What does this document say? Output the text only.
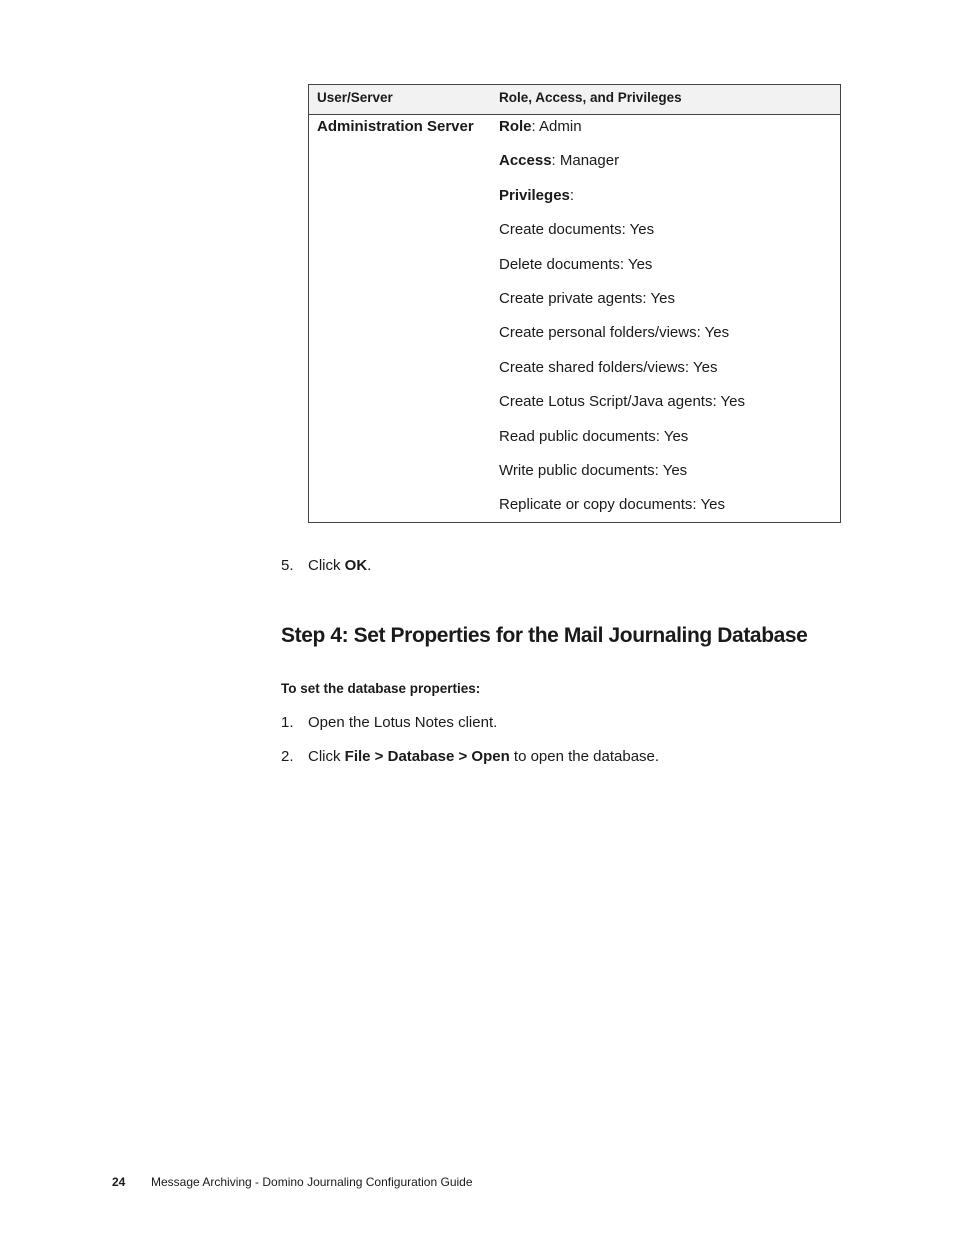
User/Server	Role, Access, and Privileges
Administration Server Role: Admin
Access: Manager
Privileges:
Create documents: Yes
Delete documents: Yes
Create private agents: Yes
Create personal folders/views: Yes
Create shared folders/views: Yes
Create Lotus Script/Java agents: Yes
Read public documents: Yes
Write public documents: Yes
Replicate or copy documents: Yes
5. Click OK.
Step 4: Set Properties for the Mail Journaling Database
To set the database properties:
1. Open the Lotus Notes client.
2. Click File > Database > Open to open the database.
24 Message Archiving - Domino Journaling Configuration Guide
